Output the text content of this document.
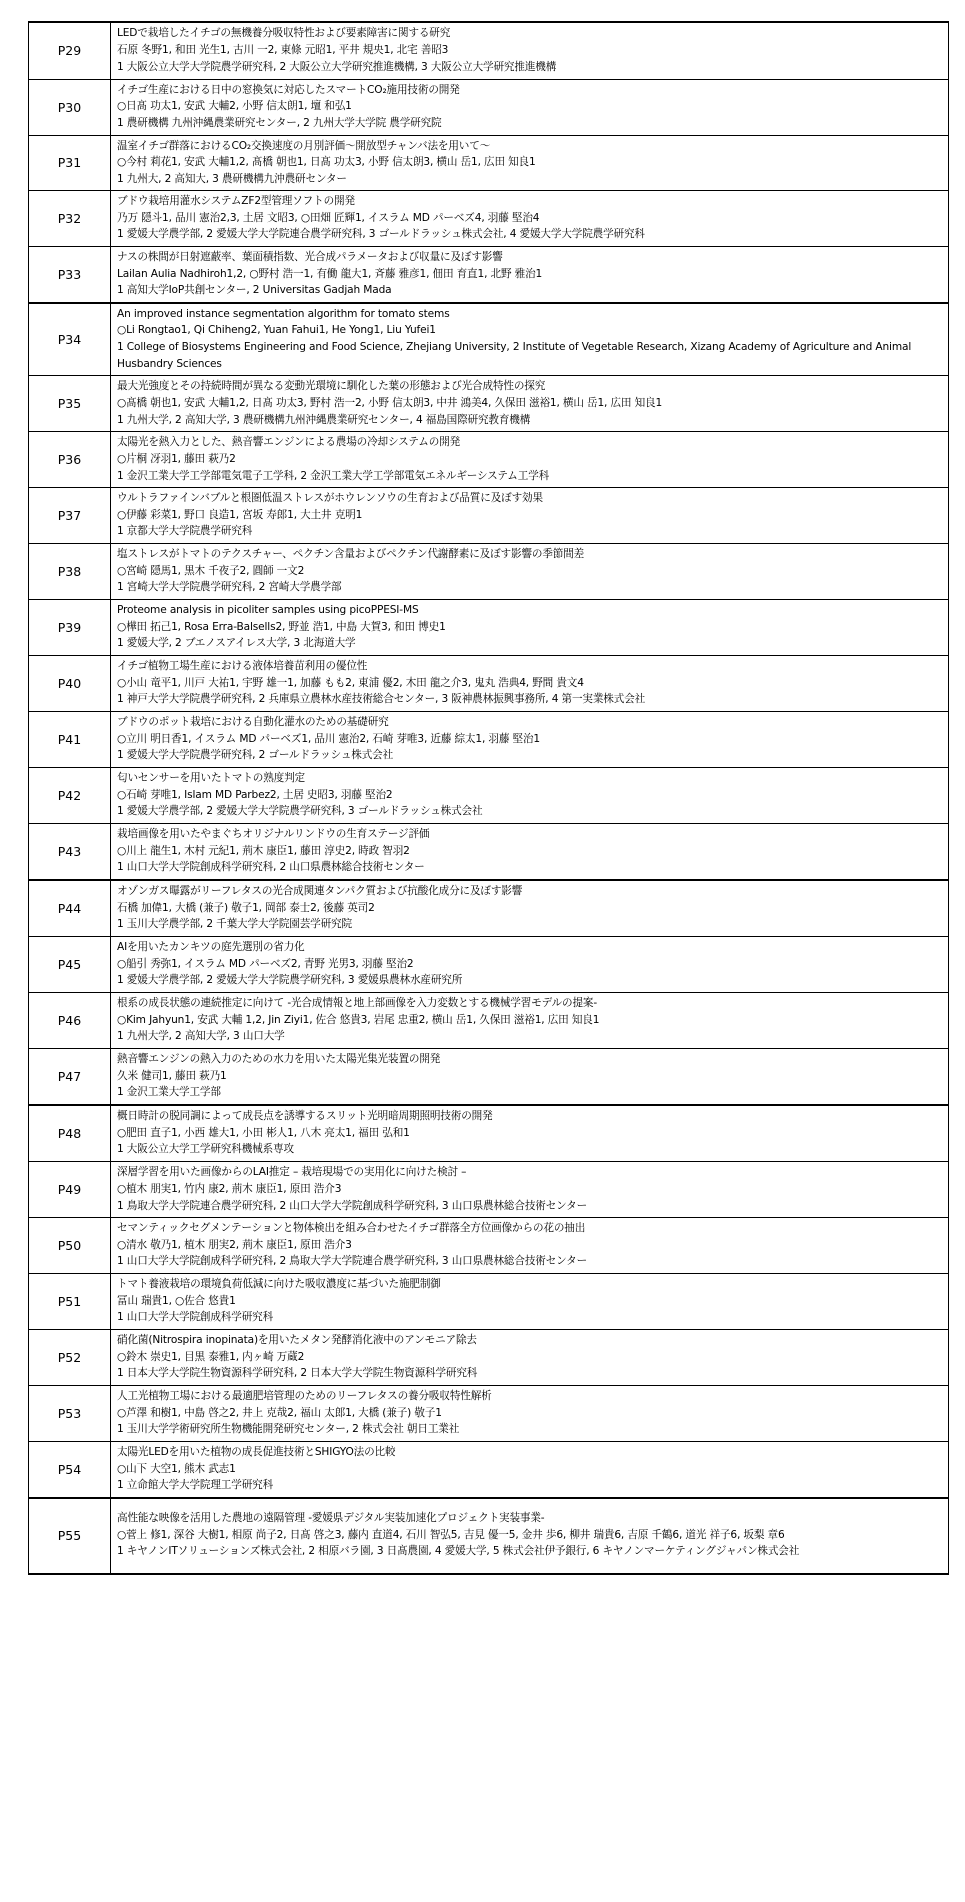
P29	LEDで栽培したイチゴの無機養分吸収特性および要素障害に関する研究
石原 冬野1, 和田 光生1, 古川 一2, 東條 元昭1, 平井 規央1, 北宅 善昭3
1 大阪公立大学大学院農学研究科, 2 大阪公立大学研究推進機構, 3 大阪公立大学研究推進機構

P30	イチゴ生産における日中の窓換気に対応したスマートCO₂施用技術の開発
○日髙 功太1, 安武 大輔2, 小野 信太朗1, 壇 和弘1
1 農研機構 九州沖縄農業研究センター, 2 九州大学大学院 農学研究院

P31	温室イチゴ群落におけるCO₂交換速度の月別評価～開放型チャンバ法を用いて～
○今村 莉花1, 安武 大輔1,2, 髙橋 朝也1, 日髙 功太3, 小野 信太朗3, 横山 岳1, 広田 知良1
1 九州大, 2 高知大, 3 農研機構九沖農研センター

P32	ブドウ栽培用灌水システムZF2型管理ソフトの開発
乃万 隠斗1, 品川 憲治2,3, 土居 文昭3, ○田畑 匠輝1, イスラム MD パーベズ4, 羽藤 堅治4
1 愛媛大学農学部, 2 愛媛大学大学院連合農学研究科, 3 ゴールドラッシュ株式会社, 4 愛媛大学大学院農学研究科

P33	ナスの株間が日射遮蔽率、葉面積指数、光合成パラメータおよび収量に及ぼす影響
Lailan Aulia Nadhiroh1,2, ○野村 浩一1, 有働 龍大1, 斉藤 雅彦1, 佃田 育直1, 北野 雅治1
1 高知大学IoP共創センター, 2 Universitas Gadjah Mada

P34	An improved instance segmentation algorithm for tomato stems
○Li Rongtao1, Qi Chiheng2, Yuan Fahui1, He Yong1, Liu Yufei1
1 College of Biosystems Engineering and Food Science, Zhejiang University, 2 Institute of Vegetable Research, Xizang Academy of Agriculture and Animal Husbandry Sciences

P35	最大光強度とその持続時間が異なる変動光環境に馴化した葉の形態および光合成特性の探究
○髙橋 朝也1, 安武 大輔1,2, 日髙 功太3, 野村 浩一2, 小野 信太朗3, 中井 鴻美4, 久保田 滋裕1, 横山 岳1, 広田 知良1
1 九州大学, 2 高知大学, 3 農研機構九州沖縄農業研究センター, 4 福島国際研究教育機構

P36	太陽光を熱入力とした、熱音響エンジンによる農場の冷却システムの開発
○片桐 冴羽1, 藤田 萩乃2
1 金沢工業大学工学部電気電子工学科, 2 金沢工業大学工学部電気エネルギーシステム工学科

P37	ウルトラファインバブルと根圏低温ストレスがホウレンソウの生育および品質に及ぼす効果
○伊藤 彩菜1, 野口 良造1, 宮坂 寿郎1, 大土井 克明1
1 京都大学大学院農学研究科

P38	塩ストレスがトマトのテクスチャー、ペクチン含量およびペクチン代謝酵素に及ぼす影響の季節間差
○宮崎 隠馬1, 黒木 千夜子2, 圓師 一文2
1 宮崎大学大学院農学研究科, 2 宮崎大学農学部

P39	Proteome analysis in picoliter samples using picoPPESI-MS
○樺田 拓己1, Rosa Erra-Balsells2, 野並 浩1, 中島 大賀3, 和田 博史1
1 愛媛大学, 2 ブエノスアイレス大学, 3 北海道大学

P40	イチゴ植物工場生産における液体培養苗利用の優位性
○小山 竜平1, 川戸 大祐1, 宇野 雄一1, 加藤 もも2, 東浦 優2, 木田 龍之介3, 鬼丸 浩典4, 野間 貴文4
1 神戸大学大学院農学研究科, 2 兵庫県立農林水産技術総合センター, 3 阪神農林振興事務所, 4 第一実業株式会社

P41	ブドウのポット栽培における自動化灌水のための基礎研究
○立川 明日香1, イスラム MD パーベズ1, 品川 憲治2, 石崎 芽唯3, 近藤 綜太1, 羽藤 堅治1
1 愛媛大学大学院農学研究科, 2 ゴールドラッシュ株式会社

P42	匂いセンサーを用いたトマトの熟度判定
○石崎 芽唯1, Islam MD Parbez2, 土居 史昭3, 羽藤 堅治2
1 愛媛大学農学部, 2 愛媛大学大学院農学研究科, 3 ゴールドラッシュ株式会社

P43	栽培画像を用いたやまぐちオリジナルリンドウの生育ステージ評価
○川上 龍生1, 木村 元紀1, 荊木 康臣1, 藤田 淳史2, 時政 智羽2
1 山口大学大学院創成科学研究科, 2 山口県農林総合技術センター

P44	オゾンガス曝露がリーフレタスの光合成関連タンパク質および抗酸化成分に及ぼす影響
石橋 加偉1, 大橋 (兼子) 敬子1, 岡部 泰士2, 後藤 英司2
1 玉川大学農学部, 2 千葉大学大学院園芸学研究院

P45	AIを用いたカンキツの庭先選別の省力化
○船引 秀弥1, イスラム MD パーベズ2, 青野 光男3, 羽藤 堅治2
1 愛媛大学農学部, 2 愛媛大学大学院農学研究科, 3 愛媛県農林水産研究所

P46	根系の成長状態の連続推定に向けて -光合成情報と地上部画像を入力変数とする機械学習モデルの提案-
○Kim Jahyun1, 安武 大輔 1,2, Jin Ziyi1, 佐合 悠貴3, 岩尾 忠重2, 横山 岳1, 久保田 滋裕1, 広田 知良1
1 九州大学, 2 高知大学, 3 山口大学

P47	熱音響エンジンの熱入力のための水力を用いた太陽光集光装置の開発
久米 健司1, 藤田 萩乃1
1 金沢工業大学工学部

P48	概日時計の脱同調によって成長点を誘導するスリット光明暗周期照明技術の開発
○肥田 直子1, 小西 雄大1, 小田 彬人1, 八木 亮太1, 福田 弘和1
1 大阪公立大学工学研究科機械系専攻

P49	深層学習を用いた画像からのLAI推定 – 栽培現場での実用化に向けた検討 –
○植木 朋実1, 竹内 康2, 荊木 康臣1, 原田 浩介3
1 鳥取大学大学院連合農学研究科, 2 山口大学大学院創成科学研究科, 3 山口県農林総合技術センター

P50	セマンティックセグメンテーションと物体検出を組み合わせたイチゴ群落全方位画像からの花の抽出
○清水 敬乃1, 植木 朋実2, 荊木 康臣1, 原田 浩介3
1 山口大学大学院創成科学研究科, 2 鳥取大学大学院連合農学研究科, 3 山口県農林総合技術センター

P51	トマト養液栽培の環境負荷低減に向けた吸収濃度に基づいた施肥制御
冨山 瑞貴1, ○佐合 悠貴1
1 山口大学大学院創成科学研究科

P52	硝化菌(Nitrospira inopinata)を用いたメタン発酵消化液中のアンモニア除去
○鈴木 崇史1, 目黒 泰雅1, 内ヶ崎 万蔵2
1 日本大学大学院生物資源科学研究科, 2 日本大学大学院生物資源科学研究科

P53	人工光植物工場における最適肥培管理のためのリーフレタスの養分吸収特性解析
○芦澤 和樹1, 中島 啓之2, 井上 克哉2, 福山 太郎1, 大橋 (兼子) 敬子1
1 玉川大学学術研究所生物機能開発研究センター, 2 株式会社 朝日工業社

P54	太陽光LEDを用いた植物の成長促進技術とSHIGYO法の比較
○山下 大空1, 熊木 武志1
1 立命館大学大学院理工学研究科

P55	高性能な映像を活用した農地の遠隔管理 -愛媛県デジタル実装加速化プロジェクト実装事業-
○菅上 修1, 深谷 大樹1, 相原 尚子2, 日髙 啓之3, 藤内 直道4, 石川 智弘5, 吉見 優一5, 金井 歩6, 柳井 瑞貴6, 吉原 千鶴6, 道光 祥子6, 坂梨 章6
1 キヤノンITソリューションズ株式会社, 2 相原バラ園, 3 日髙農園, 4 愛媛大学, 5 株式会社伊予銀行, 6 キヤノンマーケティングジャパン株式会社
